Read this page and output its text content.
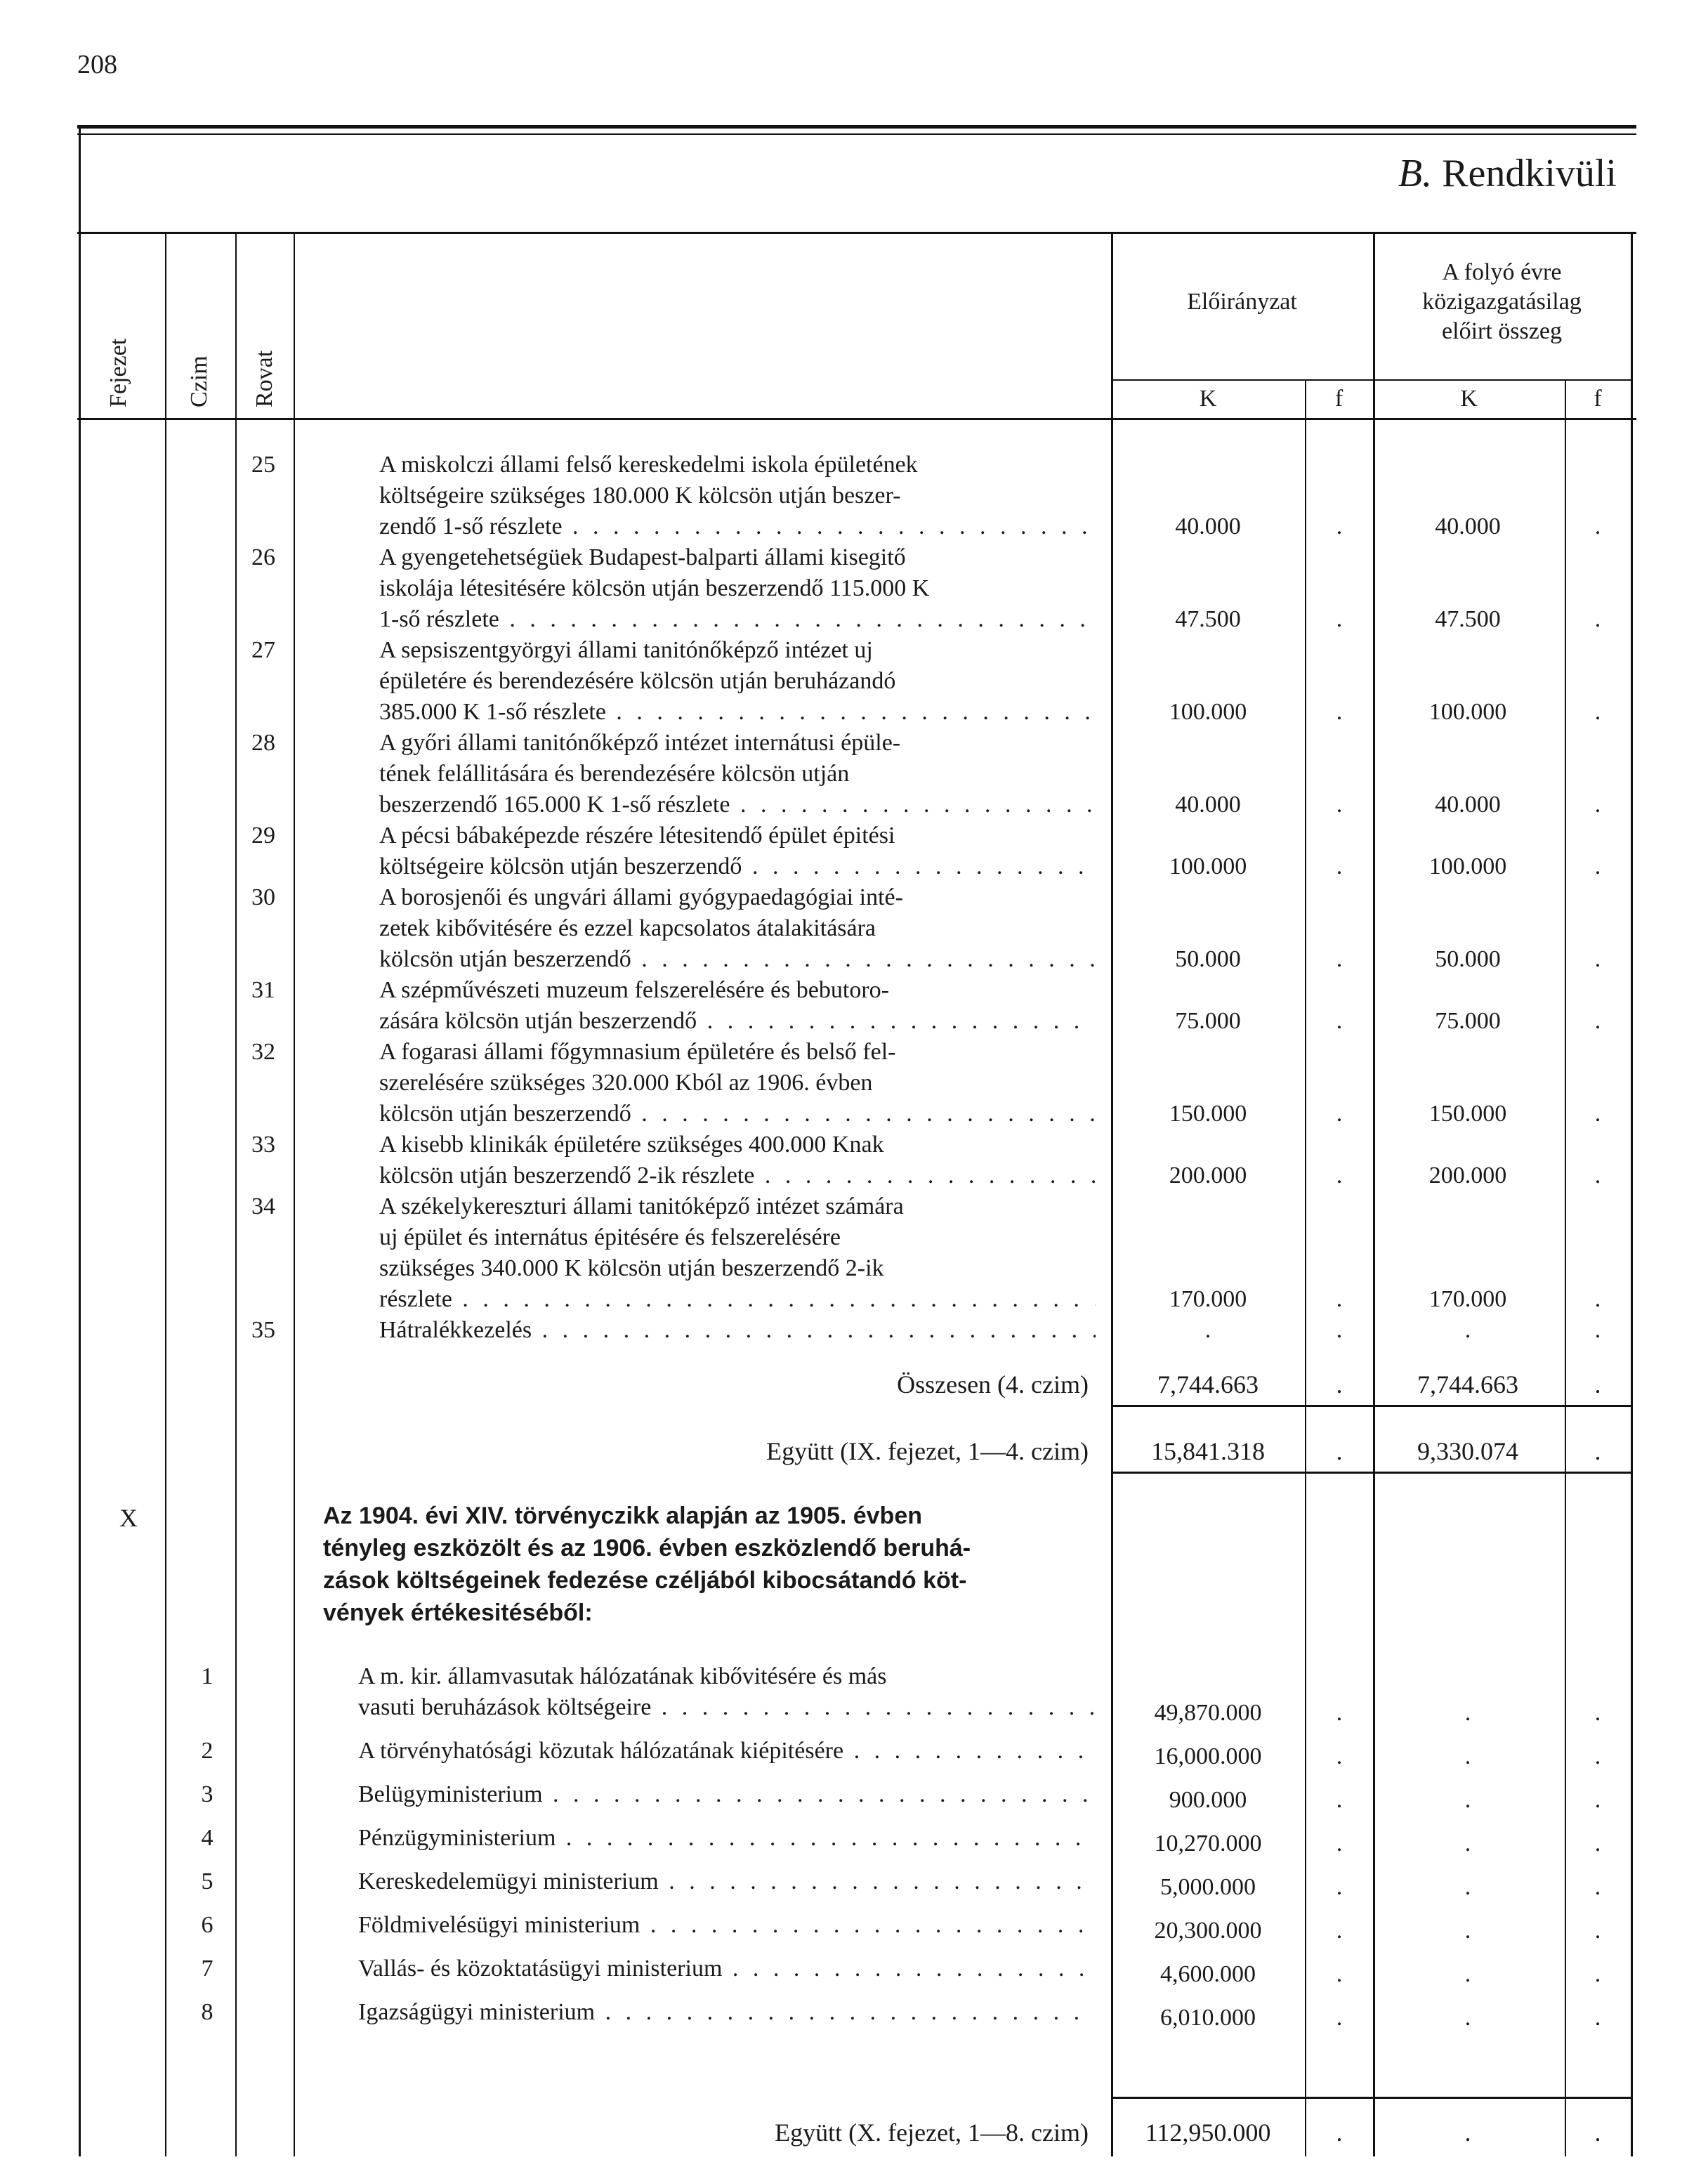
208
B. Rendkivüli
Fejezet Czim Rovat
Előirányzat
A folyó évre
közigazgatásilag
előirt összeg
K	f	K	f
25	A miskolczi állami felső kereskedelmi iskola épületének
költségeire szükséges 180.000 K kölcsön utján beszer-
zendő 1-ső részlete . . .	40.000	.	40.000	.
26	A gyengetehetségüek Budapest-balparti állami kisegitő
iskolája létesitésére kölcsön utján beszerzendő 115.000 K
1-ső részlete . . .	47.500	.	47.500	.
27	A sepsiszentgyörgyi állami tanitónőképző intézet uj
épületére és berendezésére kölcsön utján beruházandó
385.000 K 1-ső részlete . . .	100.000	.	100.000	.
28	A győri állami tanitónőképző intézet internátusi épüle-
tének felállitására és berendezésére kölcsön utján
beszerzendő 165.000 K 1-ső részlete . . .	40.000	.	40.000	.
29	A pécsi bábaképezde részére létesitendő épület épitési
költségeire kölcsön utján beszerzendő . . .	100.000	.	100.000	.
30	A borosjenői és ungvári állami gyógypaedagógiai inté-
zetek kibővitésére és ezzel kapcsolatos átalakitására
kölcsön utján beszerzendő . . .	50.000	.	50.000	.
31	A szépművészeti muzeum felszerelésére és bebutoro-
zására kölcsön utján beszerzendő . . .	75.000	.	75.000	.
32	A fogarasi állami főgymnasium épületére és belső fel-
szerelésére szükséges 320.000 Kból az 1906. évben
kölcsön utján beszerzendő . . .	150.000	.	150.000	.
33	A kisebb klinikák épületére szükséges 400.000 Knak
kölcsön utján beszerzendő 2-ik részlete . . .	200.000	.	200.000	.
34	A székelykereszturi állami tanitóképző intézet számára
uj épület és internátus épitésére és felszerelésére
szükséges 340.000 K kölcsön utján beszerzendő 2-ik
részlete . . .	170.000	.	170.000	.
35	Hátralékkezelés . . .	.	.	.	.
Összesen (4. czim)	7,744.663	.	7,744.663	.
Együtt (IX. fejezet, 1—4. czim)	15,841.318	.	9,330.074	.
X	Az 1904. évi XIV. törvényczikk alapján az 1905. évben
tényleg eszközölt és az 1906. évben eszközlendő beruhá-
zások költségeinek fedezése czéljából kibocsátandó köt-
vények értékesitéséből:
1	A m. kir. államvasutak hálózatának kibővitésére és más
vasuti beruházások költségeire . . .	49,870.000	.	.	.
2	A törvényhatósági közutak hálózatának kiépitésére . . .	16,000.000	.	.	.
3	Belügyministerium . . .	900.000	.	.	.
4	Pénzügyministerium . . .	10,270.000	.	.	.
5	Kereskedelemügyi ministerium . . .	5,000.000	.	.	.
6	Földmivelésügyi ministerium . . .	20,300.000	.	.	.
7	Vallás- és közoktatásügyi ministerium . . .	4,600.000	.	.	.
8	Igazságügyi ministerium . . .	6,010.000	.	.	.
Együtt (X. fejezet, 1—8. czim)	112,950.000	.	.	.
